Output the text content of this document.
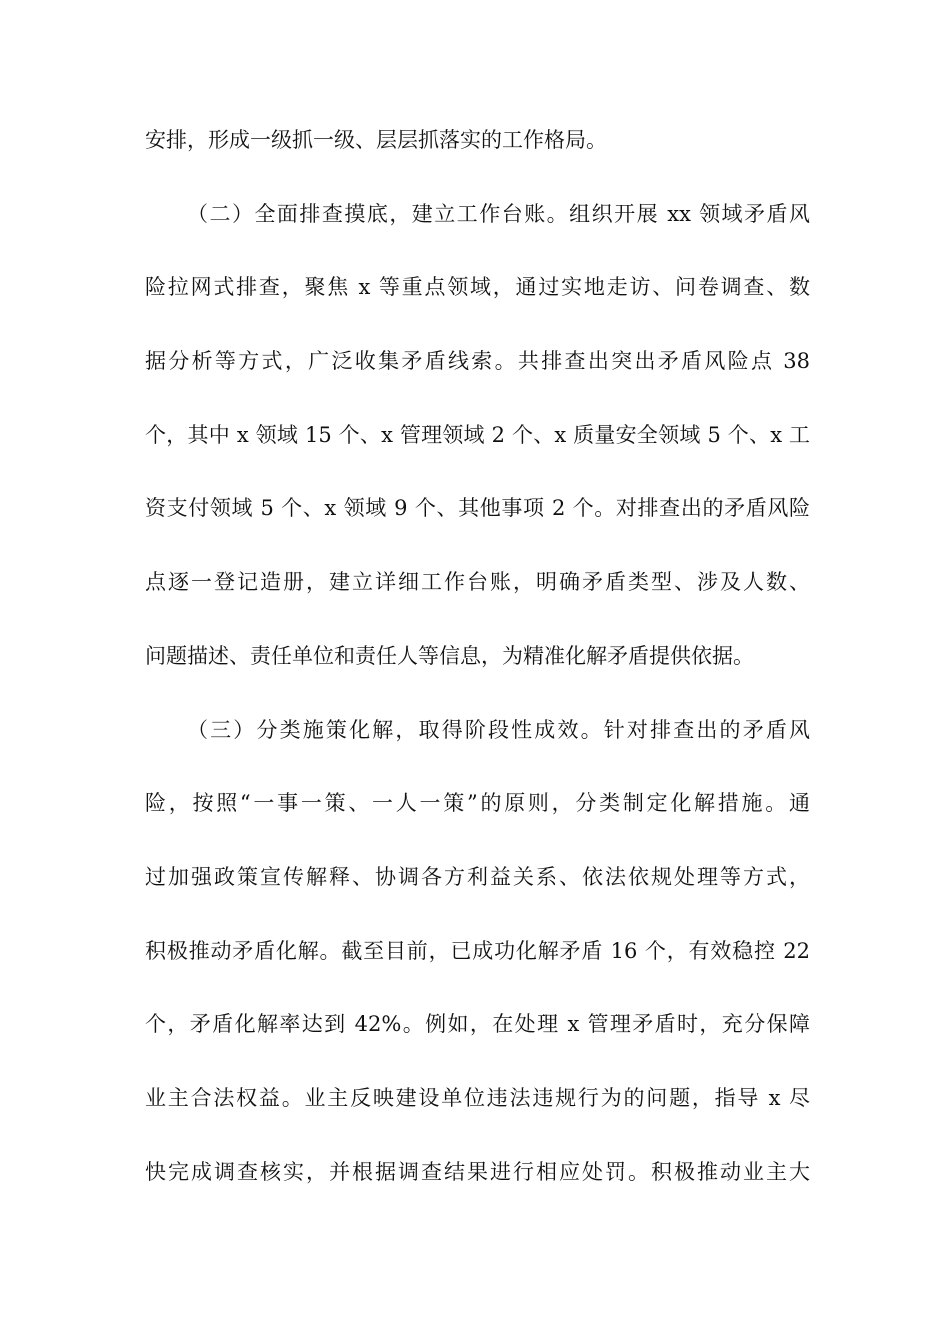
安排，形成一级抓一级、层层抓落实的工作格局。
（二）全面排查摸底，建立工作台账。组织开展 xx 领域矛盾风
险拉网式排查，聚焦 x 等重点领域，通过实地走访、问卷调查、数
据分析等方式，广泛收集矛盾线索。共排查出突出矛盾风险点 38
个，其中 x 领域 15 个、x 管理领域 2 个、x 质量安全领域 5 个、x 工
资支付领域 5 个、x 领域 9 个、其他事项 2 个。对排查出的矛盾风险
点逐一登记造册，建立详细工作台账，明确矛盾类型、涉及人数、
问题描述、责任单位和责任人等信息，为精准化解矛盾提供依据。
（三）分类施策化解，取得阶段性成效。针对排查出的矛盾风
险，按照“一事一策、一人一策”的原则，分类制定化解措施。通
过加强政策宣传解释、协调各方利益关系、依法依规处理等方式，
积极推动矛盾化解。截至目前，已成功化解矛盾 16 个，有效稳控 22
个，矛盾化解率达到 42%。例如，在处理 x 管理矛盾时，充分保障
业主合法权益。业主反映建设单位违法违规行为的问题，指导 x 尽
快完成调查核实，并根据调查结果进行相应处罚。积极推动业主大
